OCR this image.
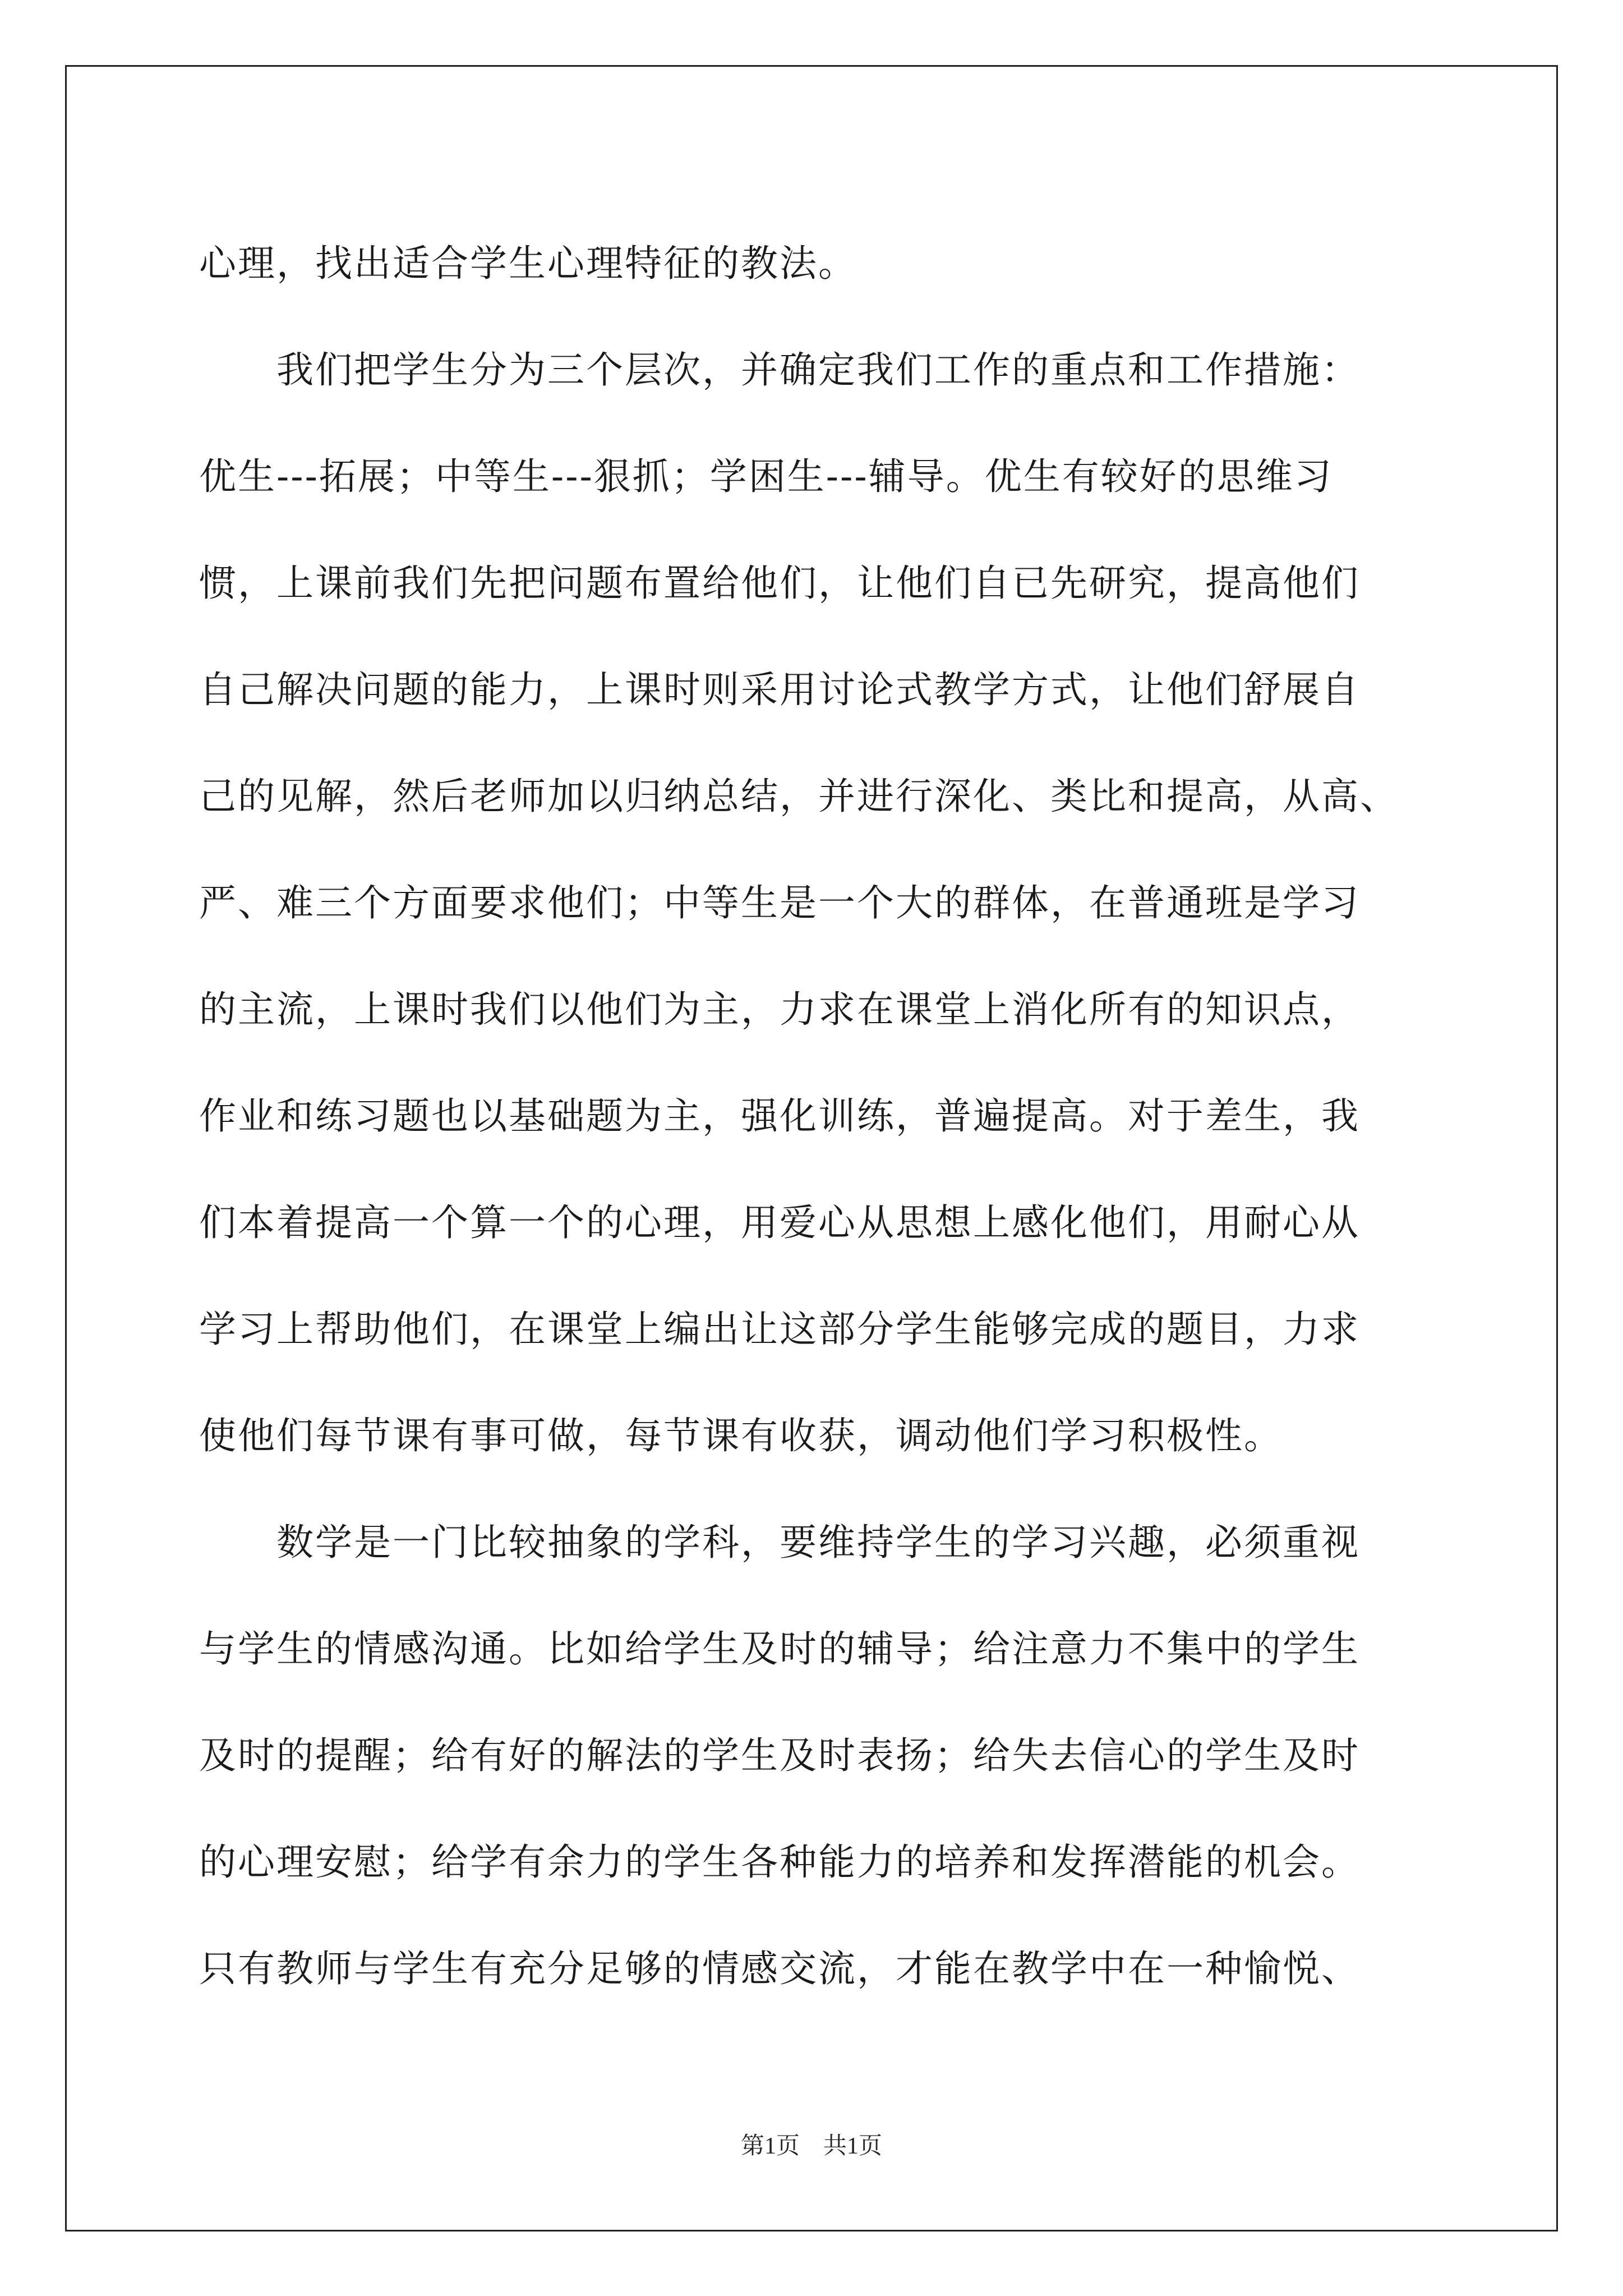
心理，找出适合学生心理特征的教法。
　　我们把学生分为三个层次，并确定我们工作的重点和工作措施：
优生---拓展；中等生---狠抓；学困生---辅导。优生有较好的思维习
惯，上课前我们先把问题布置给他们，让他们自已先研究，提高他们
自己解决问题的能力，上课时则采用讨论式教学方式，让他们舒展自
己的见解，然后老师加以归纳总结，并进行深化、类比和提高，从高、
严、难三个方面要求他们；中等生是一个大的群体，在普通班是学习
的主流，上课时我们以他们为主，力求在课堂上消化所有的知识点，
作业和练习题也以基础题为主，强化训练，普遍提高。对于差生，我
们本着提高一个算一个的心理，用爱心从思想上感化他们，用耐心从
学习上帮助他们，在课堂上编出让这部分学生能够完成的题目，力求
使他们每节课有事可做，每节课有收获，调动他们学习积极性。
　　数学是一门比较抽象的学科，要维持学生的学习兴趣，必须重视
与学生的情感沟通。比如给学生及时的辅导；给注意力不集中的学生
及时的提醒；给有好的解法的学生及时表扬；给失去信心的学生及时
的心理安慰；给学有余力的学生各种能力的培养和发挥潜能的机会。
只有教师与学生有充分足够的情感交流，才能在教学中在一种愉悦、
第1页　共1页
